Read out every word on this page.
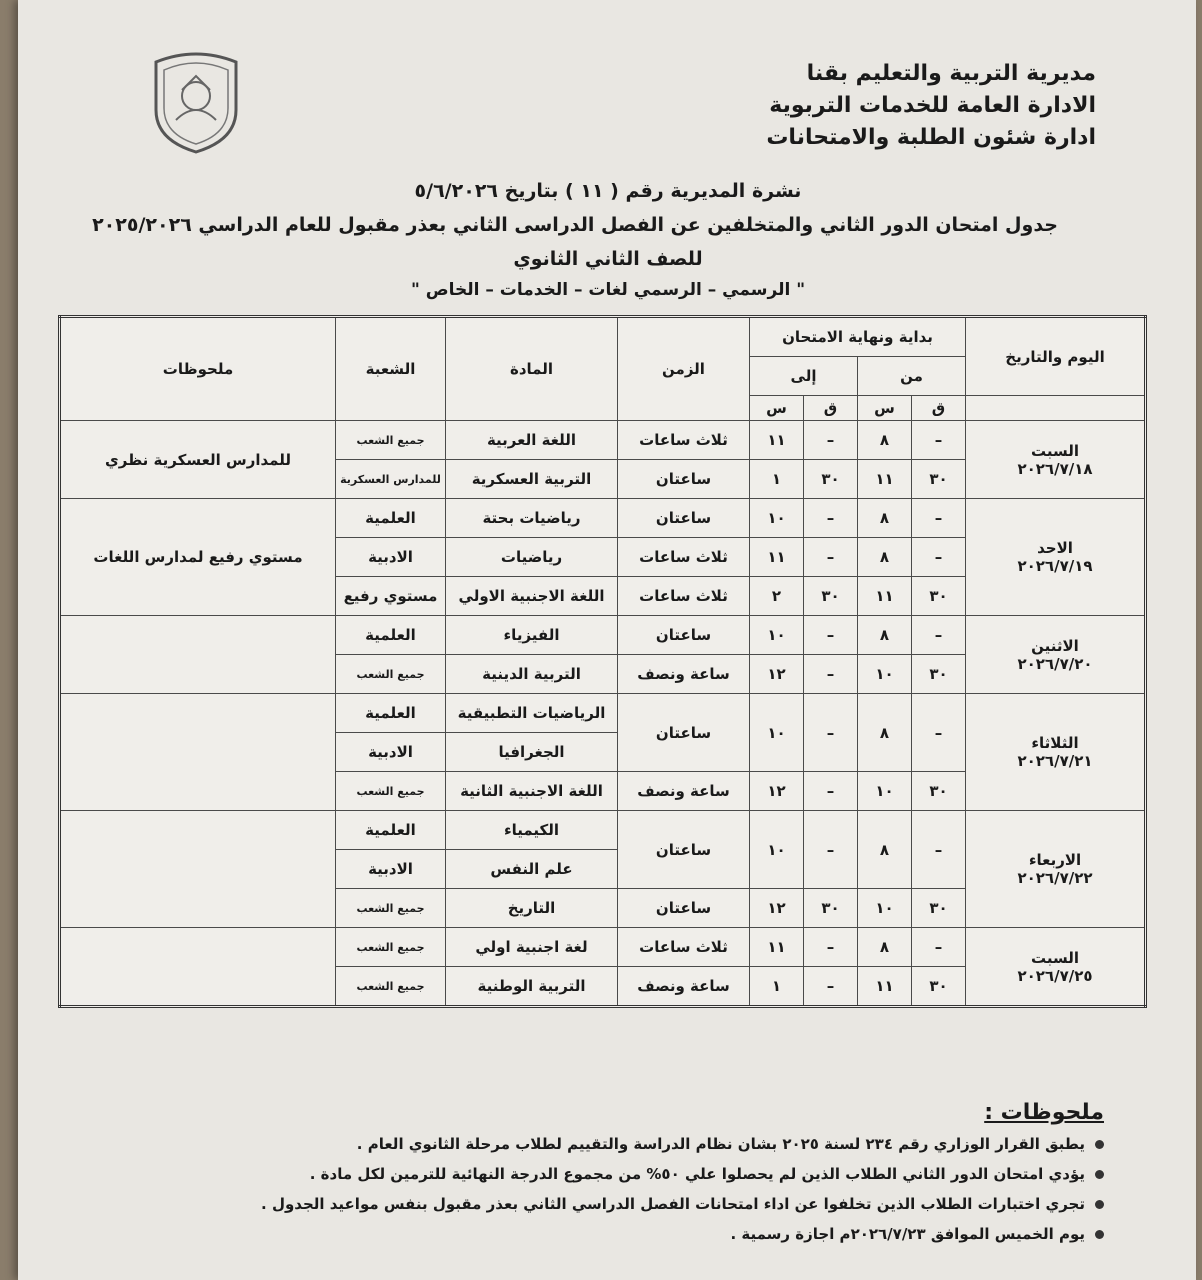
مديرية التربية والتعليم بقنا
الادارة العامة للخدمات التربوية
ادارة شئون الطلبة والامتحانات
نشرة المديرية رقم ( ١١ ) بتاريخ ٥/٦/٢٠٢٦
جدول امتحان الدور الثاني والمتخلفين عن الفصل الدراسى الثاني بعذر مقبول للعام الدراسي ٢٠٢٥/٢٠٢٦
للصف الثاني الثانوي
" الرسمي – الرسمي لغات – الخدمات – الخاص "
اليوم والتاريخ	بداية ونهاية الامتحان				الزمن	المادة	الشعبة	ملحوظات
	من		إلى					
	ق	س	ق	س				

السبت
٢٠٢٦/٧/١٨	–	٨	–	١١	ثلاث ساعات	اللغة العربية	جميع الشعب	للمدارس العسكرية نظري
	٣٠	١١	٣٠	١	ساعتان	التربية العسكرية	للمدارس العسكرية	

الاحد
٢٠٢٦/٧/١٩	–	٨	–	١٠	ساعتان	رياضيات بحتة	العلمية	مستوي رفيع لمدارس اللغات
	–	٨	–	١١	ثلاث ساعات	رياضيات	الادبية	
	٣٠	١١	٣٠	٢	ثلاث ساعات	اللغة الاجنبية الاولي	مستوي رفيع	

الاثنين
٢٠٢٦/٧/٢٠	–	٨	–	١٠	ساعتان	الفيزياء	العلمية	
	٣٠	١٠	–	١٢	ساعة ونصف	التربية الدينية	جميع الشعب	

الثلاثاء
٢٠٢٦/٧/٢١	–	٨	–	١٠	ساعتان	الرياضيات التطبيقية	العلمية	
						الجغرافيا	الادبية	
	٣٠	١٠	–	١٢	ساعة ونصف	اللغة الاجنبية الثانية	جميع الشعب	

الاربعاء
٢٠٢٦/٧/٢٢	–	٨	–	١٠	ساعتان	الكيمياء	العلمية	
						علم النفس	الادبية	
	٣٠	١٠	٣٠	١٢	ساعتان	التاريخ	جميع الشعب	

السبت
٢٠٢٦/٧/٢٥	–	٨	–	١١	ثلاث ساعات	لغة اجنبية اولي	جميع الشعب	
	٣٠	١١	–	١	ساعة ونصف	التربية الوطنية	جميع الشعب	
ملحوظات :
يطبق القرار الوزاري رقم ٢٣٤ لسنة ٢٠٢٥ بشان نظام الدراسة والتقييم لطلاب مرحلة الثانوي العام .
يؤدي امتحان الدور الثاني الطلاب الذين لم يحصلوا علي ٥٠% من مجموع الدرجة النهائية للترمين لكل مادة .
تجري اختبارات الطلاب الذين تخلفوا عن اداء امتحانات الفصل الدراسي الثاني بعذر مقبول بنفس مواعيد الجدول .
يوم الخميس الموافق ٢٠٢٦/٧/٢٣م اجازة رسمية .
